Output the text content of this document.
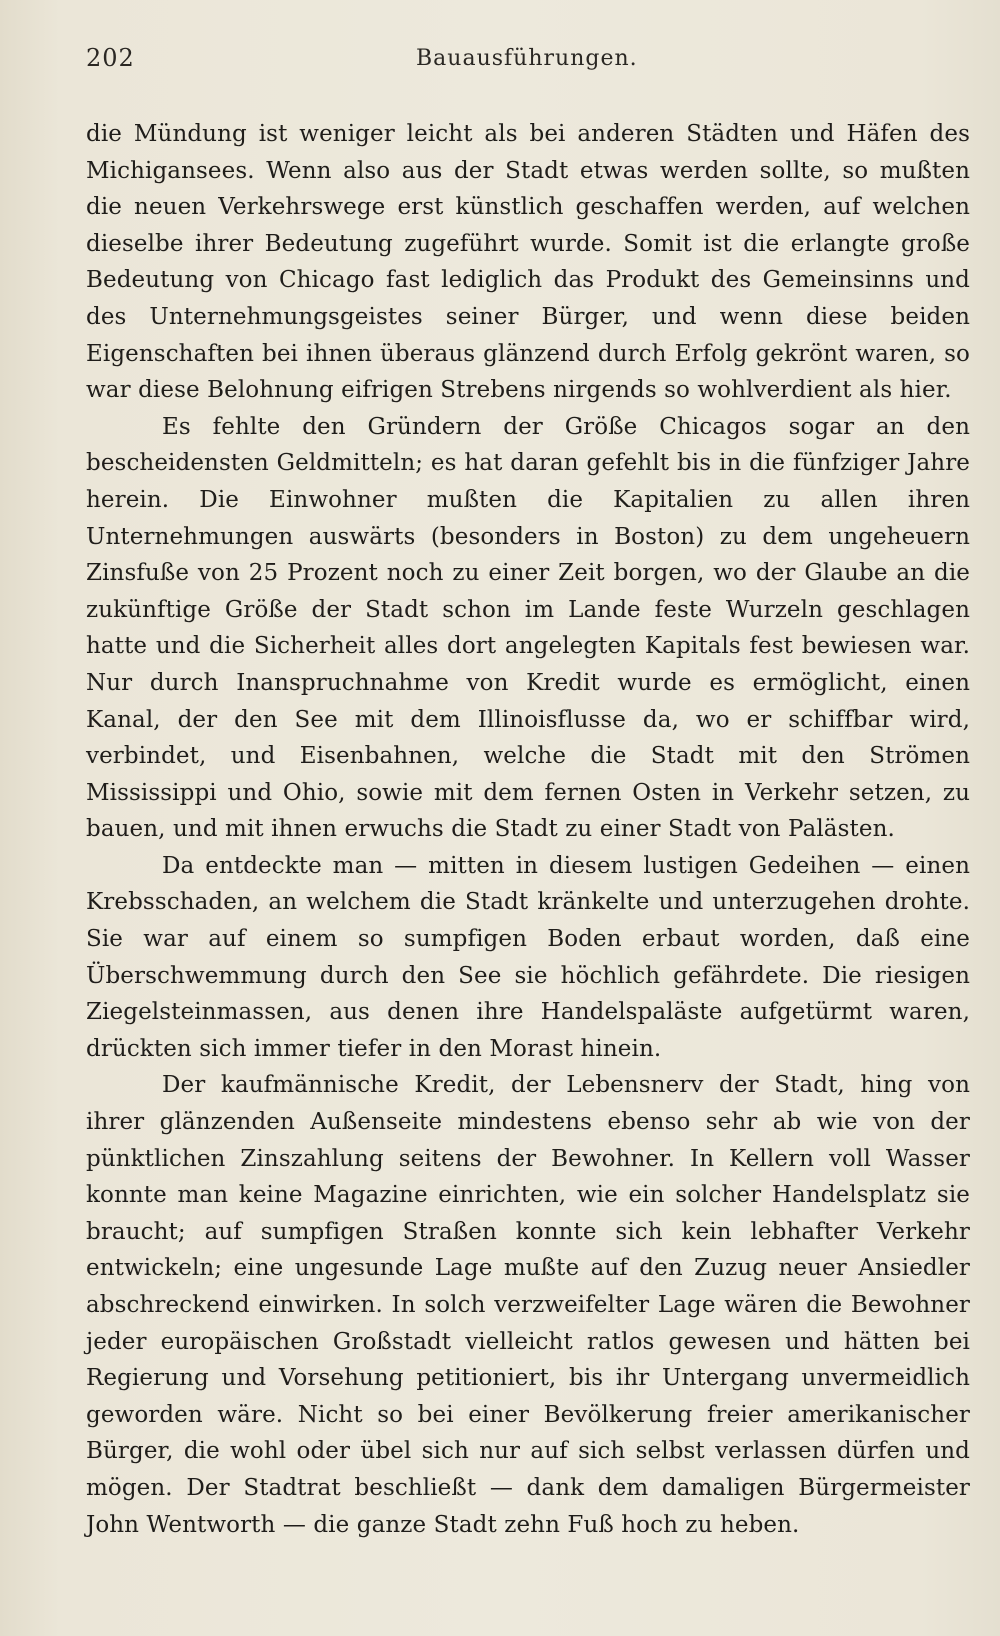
202	Bauausführungen.

die Mündung ist weniger leicht als bei anderen Städten und Häfen des Michigansees. Wenn also aus der Stadt etwas werden sollte, so mußten die neuen Verkehrswege erst künstlich geschaffen werden, auf welchen dieselbe ihrer Bedeutung zugeführt wurde. Somit ist die erlangte große Bedeutung von Chicago fast lediglich das Produkt des Gemeinsinns und des Unternehmungsgeistes seiner Bürger, und wenn diese beiden Eigenschaften bei ihnen überaus glänzend durch Erfolg gekrönt waren, so war diese Belohnung eifrigen Strebens nirgends so wohlverdient als hier.

Es fehlte den Gründern der Größe Chicagos sogar an den bescheidensten Geldmitteln; es hat daran gefehlt bis in die fünfziger Jahre herein. Die Einwohner mußten die Kapitalien zu allen ihren Unternehmungen auswärts (besonders in Boston) zu dem ungeheuern Zinsfuße von 25 Prozent noch zu einer Zeit borgen, wo der Glaube an die zukünftige Größe der Stadt schon im Lande feste Wurzeln geschlagen hatte und die Sicherheit alles dort angelegten Kapitals fest bewiesen war. Nur durch Inanspruchnahme von Kredit wurde es ermöglicht, einen Kanal, der den See mit dem Illinoisflusse da, wo er schiffbar wird, verbindet, und Eisenbahnen, welche die Stadt mit den Strömen Mississippi und Ohio, sowie mit dem fernen Osten in Verkehr setzen, zu bauen, und mit ihnen erwuchs die Stadt zu einer Stadt von Palästen.

Da entdeckte man — mitten in diesem lustigen Gedeihen — einen Krebsschaden, an welchem die Stadt kränkelte und unterzugehen drohte. Sie war auf einem so sumpfigen Boden erbaut worden, daß eine Überschwemmung durch den See sie höchlich gefährdete. Die riesigen Ziegelsteinmassen, aus denen ihre Handelspaläste aufgetürmt waren, drückten sich immer tiefer in den Morast hinein.

Der kaufmännische Kredit, der Lebensnerv der Stadt, hing von ihrer glänzenden Außenseite mindestens ebenso sehr ab wie von der pünktlichen Zinszahlung seitens der Bewohner. In Kellern voll Wasser konnte man keine Magazine einrichten, wie ein solcher Handelsplatz sie braucht; auf sumpfigen Straßen konnte sich kein lebhafter Verkehr entwickeln; eine ungesunde Lage mußte auf den Zuzug neuer Ansiedler abschreckend einwirken. In solch verzweifelter Lage wären die Bewohner jeder europäischen Großstadt vielleicht ratlos gewesen und hätten bei Regierung und Vorsehung petitioniert, bis ihr Untergang unvermeidlich geworden wäre. Nicht so bei einer Bevölkerung freier amerikanischer Bürger, die wohl oder übel sich nur auf sich selbst verlassen dürfen und mögen. Der Stadtrat beschließt — dank dem damaligen Bürgermeister John Wentworth — die ganze Stadt zehn Fuß hoch zu heben.
